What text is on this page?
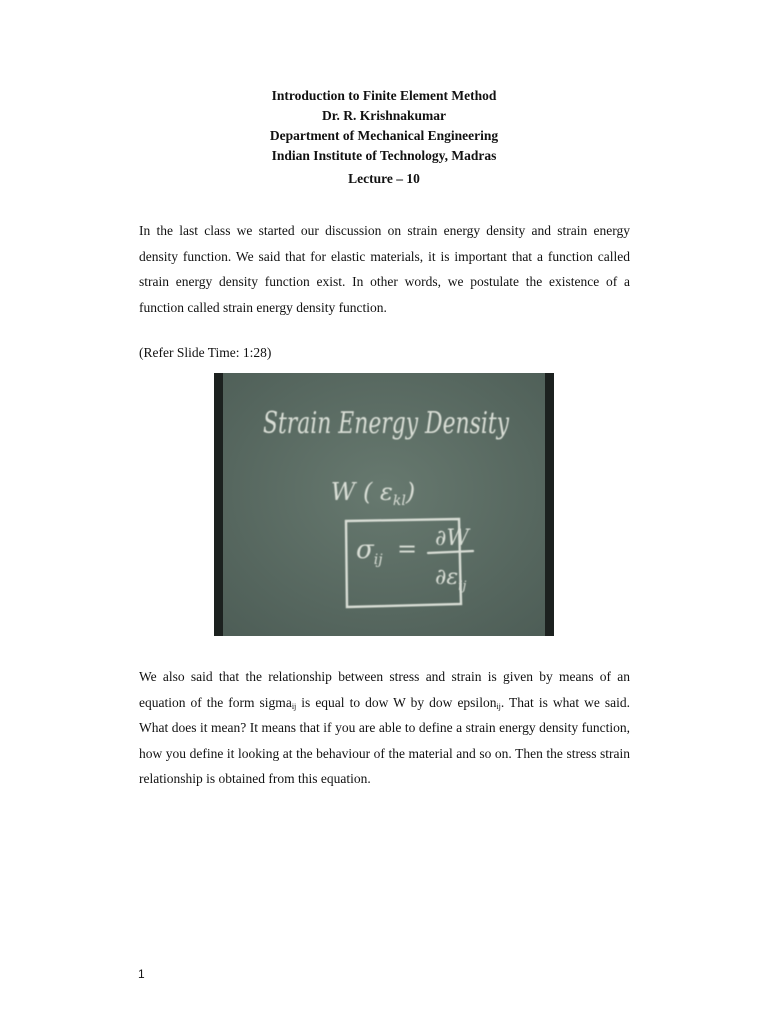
Introduction to Finite Element Method
Dr. R. Krishnakumar
Department of Mechanical Engineering
Indian Institute of Technology, Madras
Lecture – 10

In the last class we started our discussion on strain energy density and strain energy density function. We said that for elastic materials, it is important that a function called strain energy density function exist. In other words, we postulate the existence of a function called strain energy density function.

(Refer Slide Time: 1:28)
Strain Energy Density
W ( $\varepsilon_{kl}$)
$\sigma_{ij} = \partial W$
$\partial\varepsilon_{ij}$

We also said that the relationship between stress and strain is given by means of an equation of the form sigma$_{ij}$ is equal to dow W by dow epsilon$_{ij}$. That is what we said. What does it mean? It means that if you are able to define a strain energy density function, how you define it looking at the behaviour of the material and so on. Then the stress strain relationship is obtained from this equation.

1
